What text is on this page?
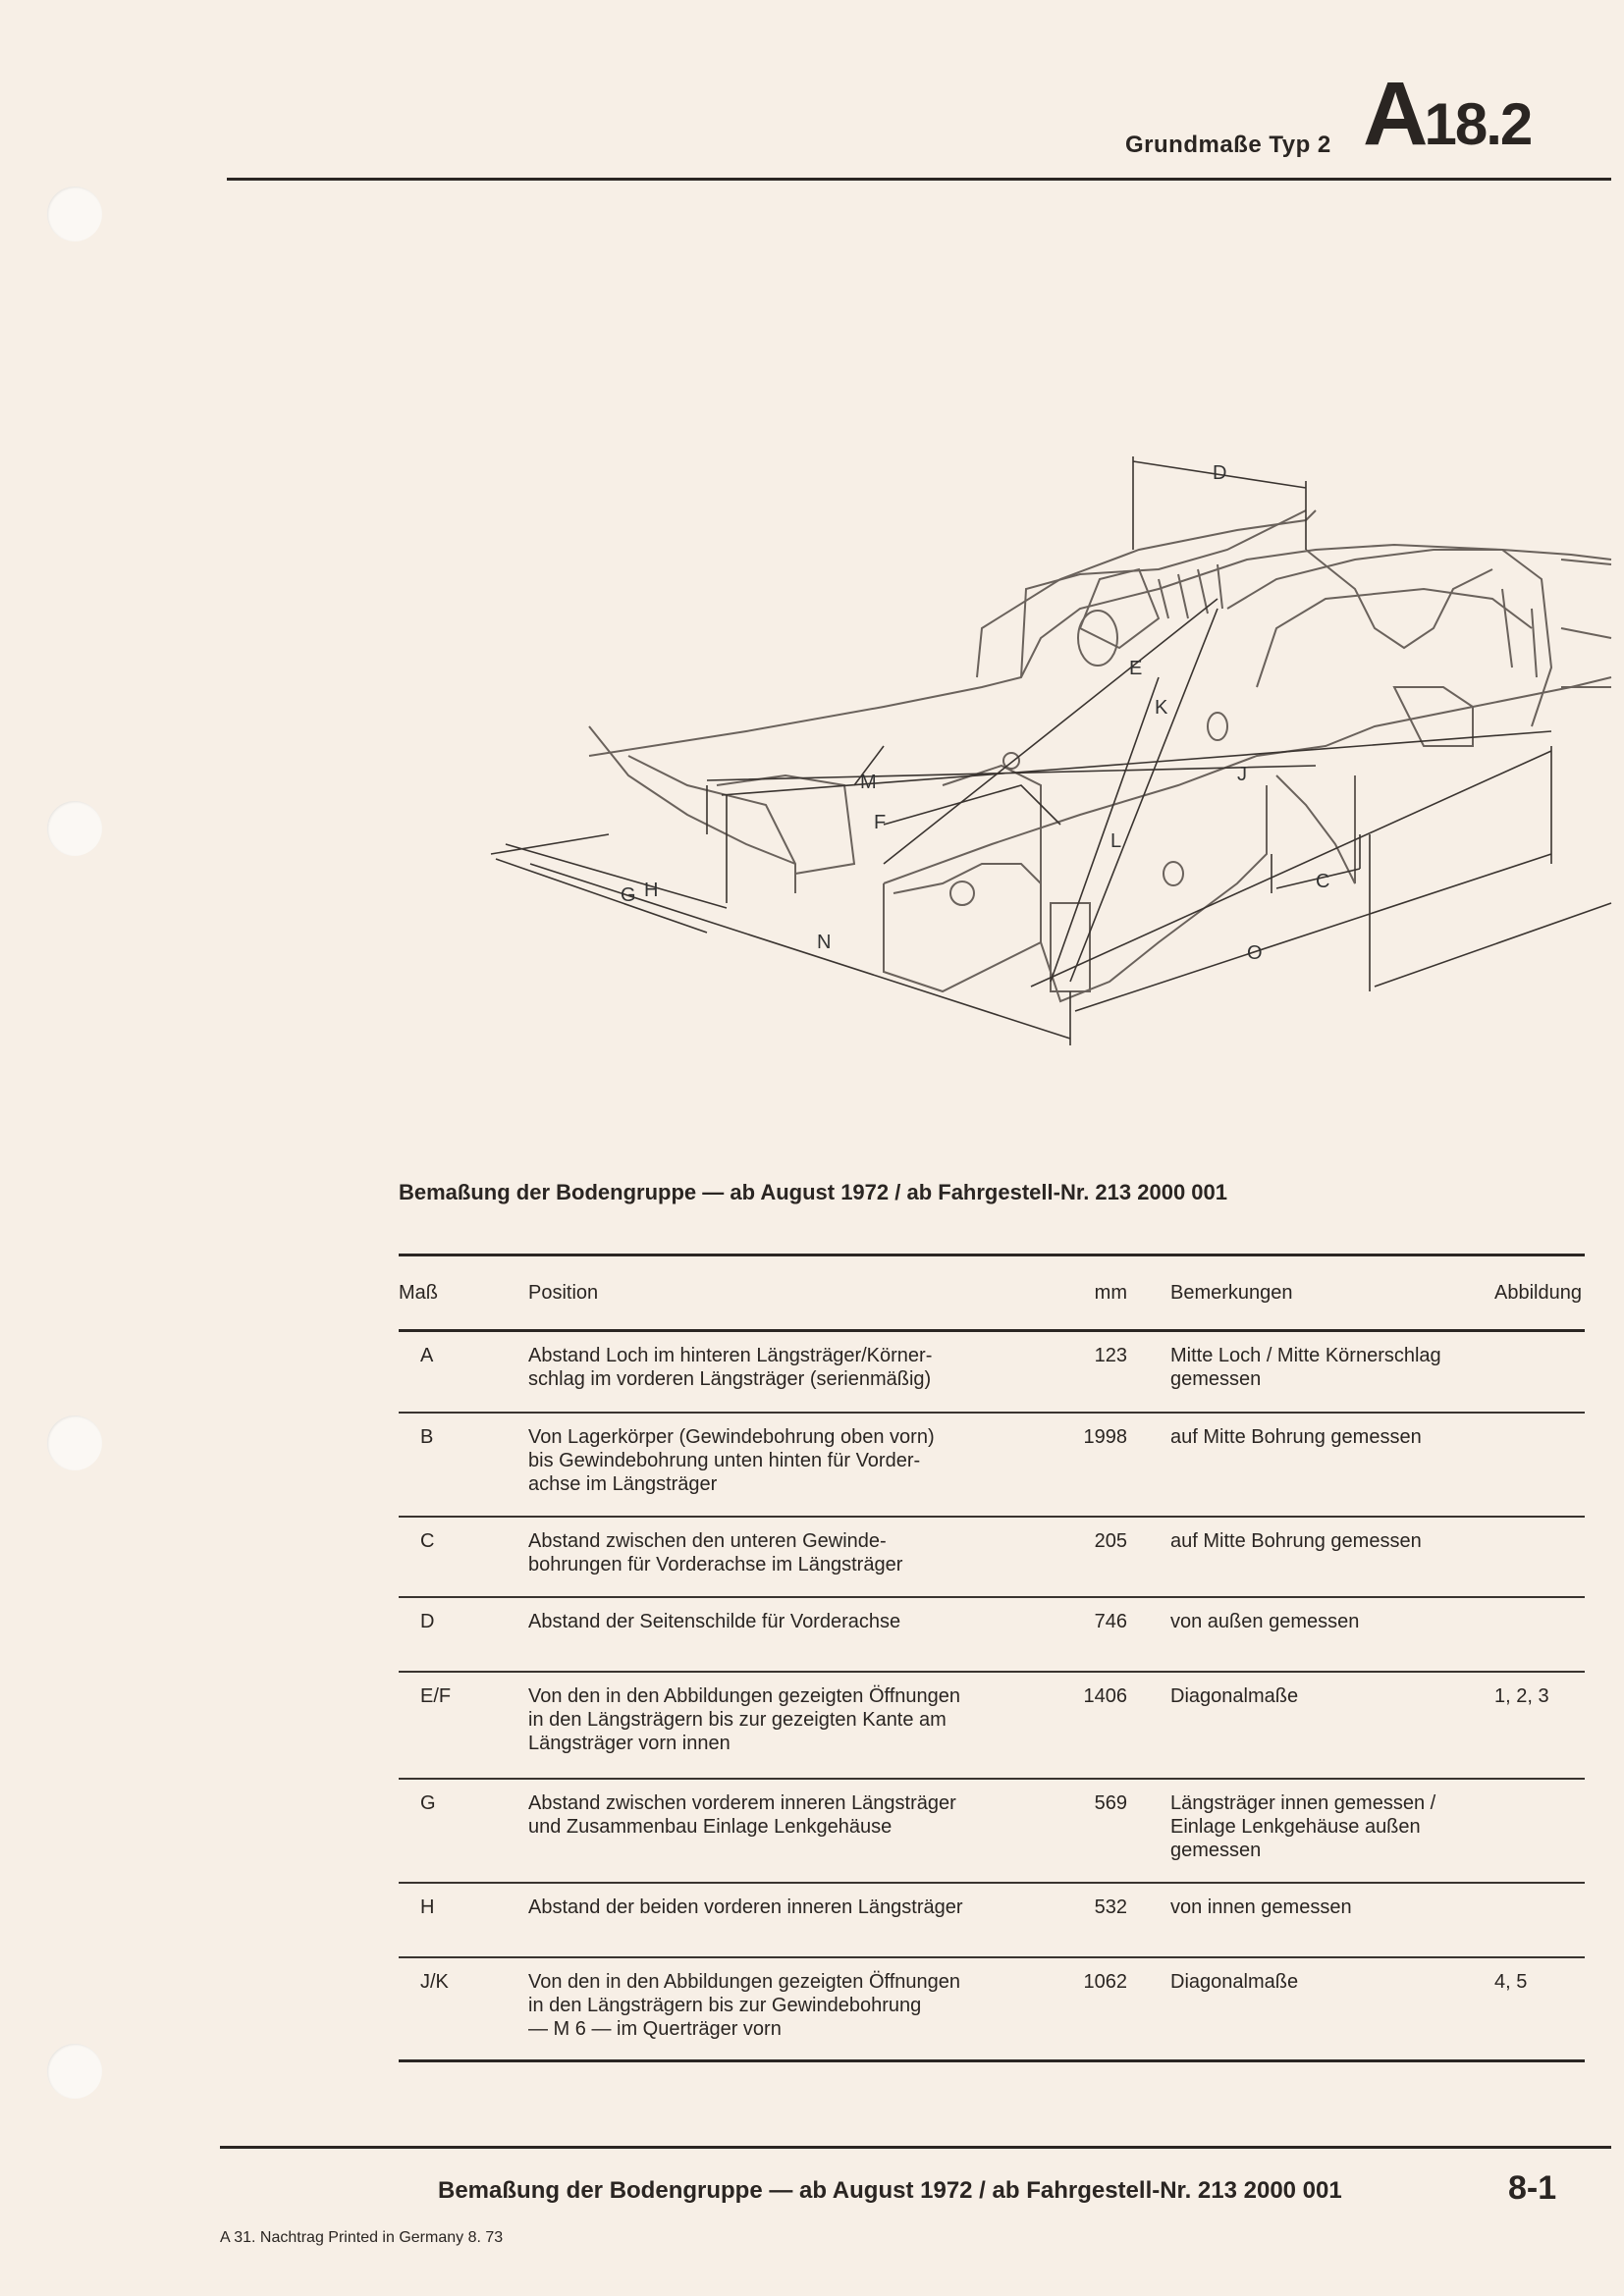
Grundmaße Typ 2 A18.2
D
E
K
M	J
F
L
C
G H
N	O
Bemaßung der Bodengruppe — ab August 1972 / ab Fahrgestell-Nr. 213 2000 001
Maß	Position	mm	Bemerkungen	Abbildung

A	Abstand Loch im hinteren Längsträger/Körner-
schlag im vorderen Längsträger (serienmäßig)	123	Mitte Loch / Mitte Körnerschlag
gemessen	

B	Von Lagerkörper (Gewindebohrung oben vorn)
bis Gewindebohrung unten hinten für Vorder-
achse im Längsträger	1998	auf Mitte Bohrung gemessen	

C	Abstand zwischen den unteren Gewinde-
bohrungen für Vorderachse im Längsträger	205	auf Mitte Bohrung gemessen	

D	Abstand der Seitenschilde für Vorderachse	746	von außen gemessen	

E/F	Von den in den Abbildungen gezeigten Öffnungen
in den Längsträgern bis zur gezeigten Kante am
Längsträger vorn innen	1406	Diagonalmaße	1, 2, 3

G	Abstand zwischen vorderem inneren Längsträger
und Zusammenbau Einlage Lenkgehäuse	569	Längsträger innen gemessen /
Einlage Lenkgehäuse außen
gemessen	

H	Abstand der beiden vorderen inneren Längsträger	532	von innen gemessen	

J/K	Von den in den Abbildungen gezeigten Öffnungen
in den Längsträgern bis zur Gewindebohrung
— M 6 — im Querträger vorn	1062	Diagonalmaße	4, 5
Bemaßung der Bodengruppe — ab August 1972 / ab Fahrgestell-Nr. 213 2000 001	8-1
A 31. Nachtrag Printed in Germany 8. 73
